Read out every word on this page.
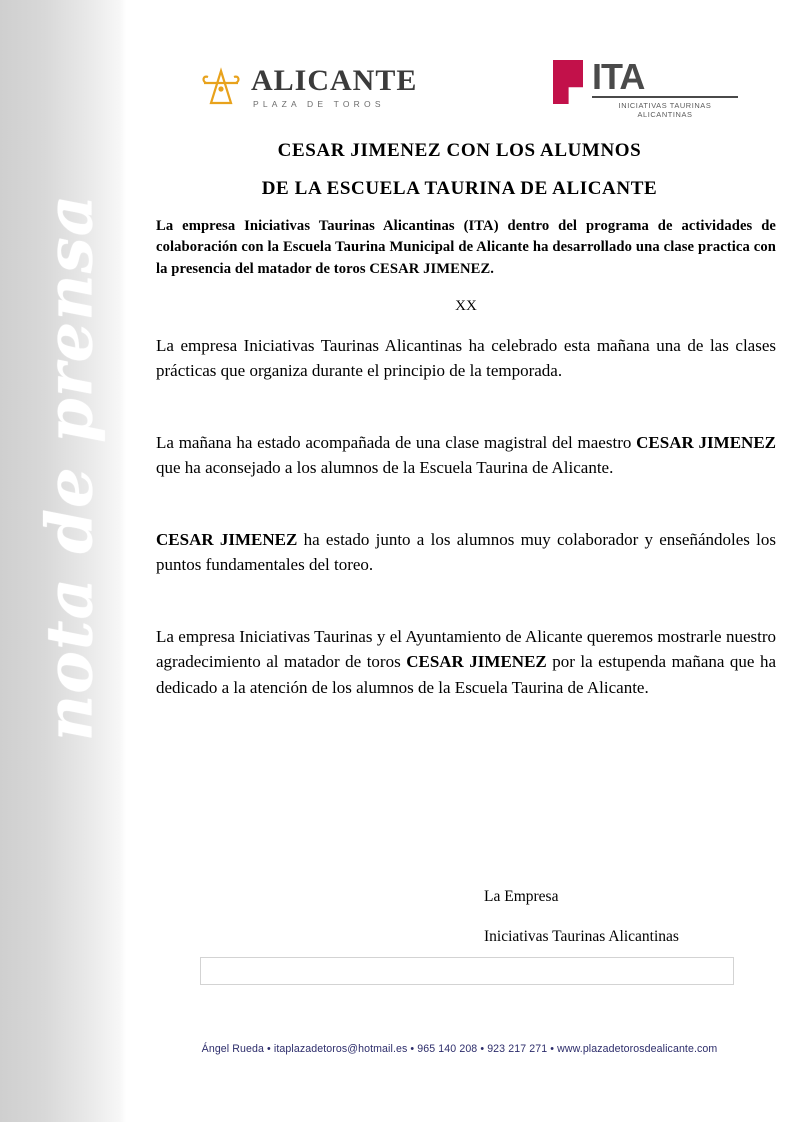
nota de prensa
ALICANTE
PLAZA DE TOROS
ITA
INICIATIVAS TAURINAS ALICANTINAS

CESAR JIMENEZ CON LOS ALUMNOS

DE LA ESCUELA TAURINA DE ALICANTE

La empresa Iniciativas Taurinas Alicantinas (ITA) dentro del programa de actividades de colaboración con la Escuela Taurina Municipal de Alicante ha desarrollado una clase practica con la presencia del matador de toros CESAR JIMENEZ.

XX

La empresa Iniciativas Taurinas Alicantinas ha celebrado esta mañana una de las clases prácticas que organiza durante el principio de la temporada.

La mañana ha estado acompañada de una clase magistral del maestro CESAR JIMENEZ que ha aconsejado a los alumnos de la Escuela Taurina de Alicante.

CESAR JIMENEZ ha estado junto a los alumnos muy colaborador y enseñándoles los puntos fundamentales del toreo.

La empresa Iniciativas Taurinas y el Ayuntamiento de Alicante queremos mostrarle nuestro agradecimiento al matador de toros CESAR JIMENEZ por la estupenda mañana que ha dedicado a la atención de los alumnos de la Escuela Taurina de Alicante.

La Empresa
Iniciativas Taurinas Alicantinas
Ángel Rueda • itaplazadetoros@hotmail.es • 965 140 208 • 923 217 271 • www.plazadetorosdealicante.com
